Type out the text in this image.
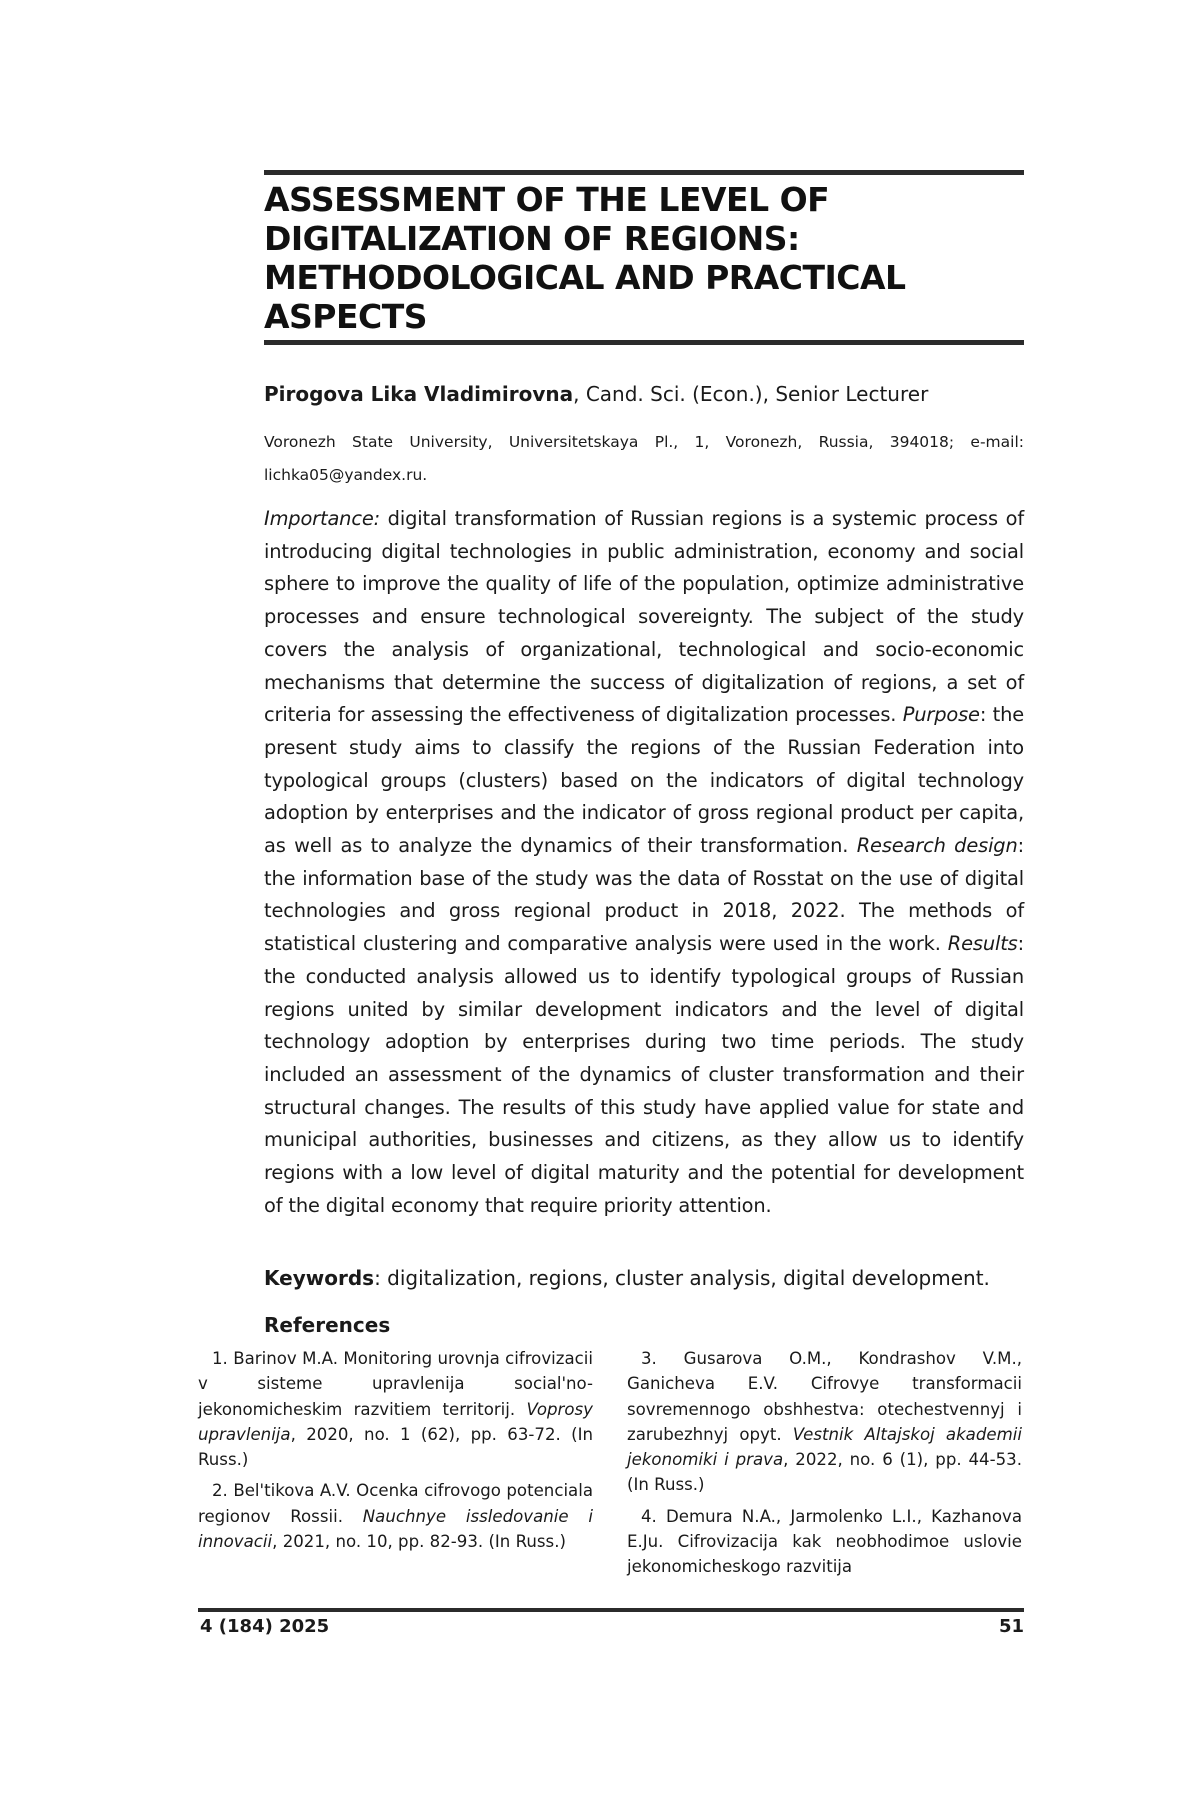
ASSESSMENT OF THE LEVEL OF DIGITALIZATION OF REGIONS: METHODOLOGICAL AND PRACTICAL ASPECTS
Pirogova Lika Vladimirovna, Cand. Sci. (Econ.), Senior Lecturer
Voronezh State University, Universitetskaya Pl., 1, Voronezh, Russia, 394018; e-mail: lichka05@yandex.ru.
Importance: digital transformation of Russian regions is a systemic process of introducing digital technologies in public administration, economy and social sphere to improve the quality of life of the population, optimize administrative processes and ensure technological sovereignty. The subject of the study covers the analysis of organizational, technological and socio-economic mechanisms that determine the success of digitalization of regions, a set of criteria for assessing the effectiveness of digitalization processes. Purpose: the present study aims to classify the regions of the Russian Federation into typological groups (clusters) based on the indicators of digital technology adoption by enterprises and the indicator of gross regional product per capita, as well as to analyze the dynamics of their transformation. Research design: the information base of the study was the data of Rosstat on the use of digital technologies and gross regional product in 2018, 2022. The methods of statistical clustering and comparative analysis were used in the work. Results: the conducted analysis allowed us to identify typological groups of Russian regions united by similar development indicators and the level of digital technology adoption by enterprises during two time periods. The study included an assessment of the dynamics of cluster transformation and their structural changes. The results of this study have applied value for state and municipal authorities, businesses and citizens, as they allow us to identify regions with a low level of digital maturity and the potential for development of the digital economy that require priority attention.
Keywords: digitalization, regions, cluster analysis, digital development.
References

1. Barinov M.A. Monitoring urovnja cifrovizacii v sisteme upravlenija social'no-jekonomicheskim razvitiem territorij. Voprosy upravlenija, 2020, no. 1 (62), pp. 63-72. (In Russ.)

2. Bel'tikova A.V. Ocenka cifrovogo potenciala regionov Rossii. Nauchnye issledovanie i innovacii, 2021, no. 10, pp. 82-93. (In Russ.)

3. Gusarova O.M., Kondrashov V.M., Ganicheva E.V. Cifrovye transformacii sovremennogo obshhestva: otechestvennyj i zarubezhnyj opyt. Vestnik Altajskoj akademii jekonomiki i prava, 2022, no. 6 (1), pp. 44-53. (In Russ.)

4. Demura N.A., Jarmolenko L.I., Kazhanova E.Ju. Cifrovizacija kak neobhodimoe uslovie jekonomicheskogo razvitija

4 (184) 2025	51
